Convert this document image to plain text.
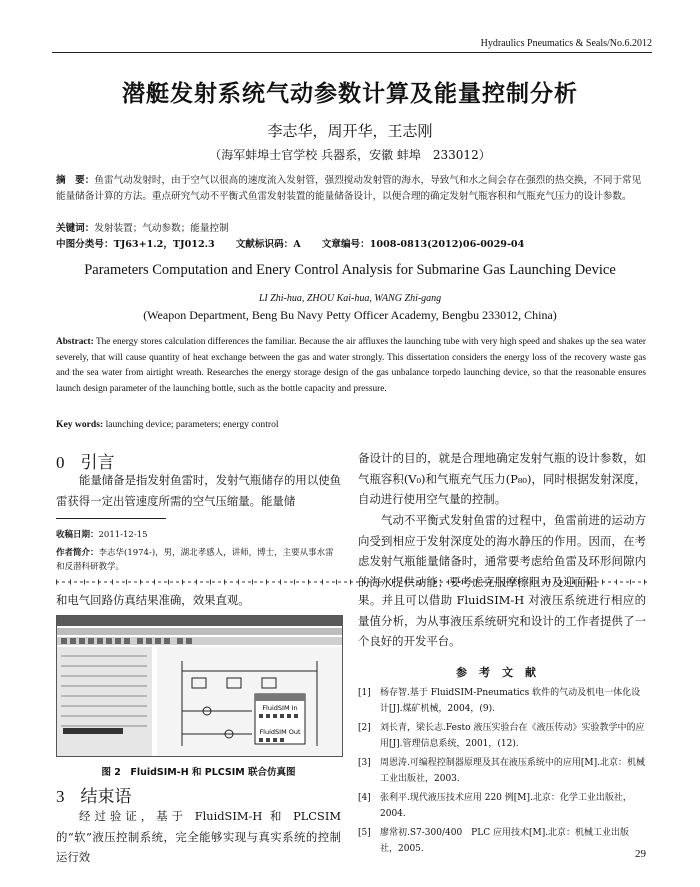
Hydraulics Pneumatics & Seals/No.6.2012
潜艇发射系统气动参数计算及能量控制分析
李志华，周开华，王志刚
（海军蚌埠士官学校 兵器系，安徽 蚌埠　233012）
摘　要：鱼雷气动发射时，由于空气以很高的速度流入发射管，强烈搅动发射管的海水，导致气和水之间会存在强烈的热交换，不同于常见能量储备计算的方法。重点研究气动不平衡式鱼雷发射装置的能量储备设计，以便合理的确定发射气瓶容积和气瓶充气压力的设计参数。
关键词：发射装置；气动参数；能量控制
中图分类号：TJ63+1.2，TJ012.3 文献标识码：A 文章编号：1008-0813(2012)06-0029-04
Parameters Computation and Enery Control Analysis for Submarine Gas Launching Device
LI Zhi-hua, ZHOU Kai-hua, WANG Zhi-gang
(Weapon Department, Beng Bu Navy Petty Officer Academy, Bengbu 233012, China)
Abstract: The energy stores calculation differences the familiar. Because the air affluxes the launching tube with very high speed and shakes up the sea water severely, that will cause quantity of heat exchange between the gas and water strongly. This dissertation considers the energy loss of the recovery waste gas and the sea water from airtight wreath. Researches the energy storage design of the gas unbalance torpedo launching device, so that the reasonable ensures launch design parameter of the launching bottle, such as the bottle capacity and pressure.
Key words: launching device; parameters; energy control
0 引言
能量储备是指发射鱼雷时，发射气瓶储存的用以使鱼雷获得一定出管速度所需的空气压缩量。能量储
收稿日期：2011-12-15
作者简介：李志华(1974-)，男，湖北孝感人，讲师，博士，主要从事水雷和反潜科研教学。
备设计的目的，就是合理地确定发射气瓶的设计参数，如气瓶容积(V₀)和气瓶充气压力(P₈₀)，同时根据发射深度，自动进行使用空气量的控制。
气动不平衡式发射鱼雷的过程中，鱼雷前进的运动方向受到相应于发射深度处的海水静压的作用。因而，在考虑发射气瓶能量储备时，通常要考虑给鱼雷及环形间隙内的海水提供动能；要考虑克服摩擦阻力及迎面阻
和电气回路仿真结果准确，效果直观。	果。并且可以借助 FluidSIM-H 对液压系统进行相应的量值分析，为从事液压系统研究和设计的工作者提供了一个良好的开发平台。
FluidSIM In
FluidSIM Out
图 2　FluidSIM-H 和 PLCSIM 联合仿真图
3 结束语
经过验证，基于 FluidSIM-H 和 PLCSIM 的“软”液压控制系统，完全能够实现与真实系统的控制运行效
参考文献
[1]	杨存智.基于 FluidSIM-Pneumatics 软件的气动及机电一体化设计[J].煤矿机械，2004，(9).
[2]	刘长青，梁长志.Festo 液压实验台在《液压传动》实验教学中的应用[J].管理信息系统，2001，(12).
[3]	周恩涛.可编程控制器原理及其在液压系统中的应用[M].北京：机械工业出版社，2003.
[4]	张利平.现代液压技术应用 220 例[M].北京：化学工业出版社，2004.
[5]	廖常初.S7-300/400　PLC 应用技术[M].北京：机械工业出版社，2005.	29
